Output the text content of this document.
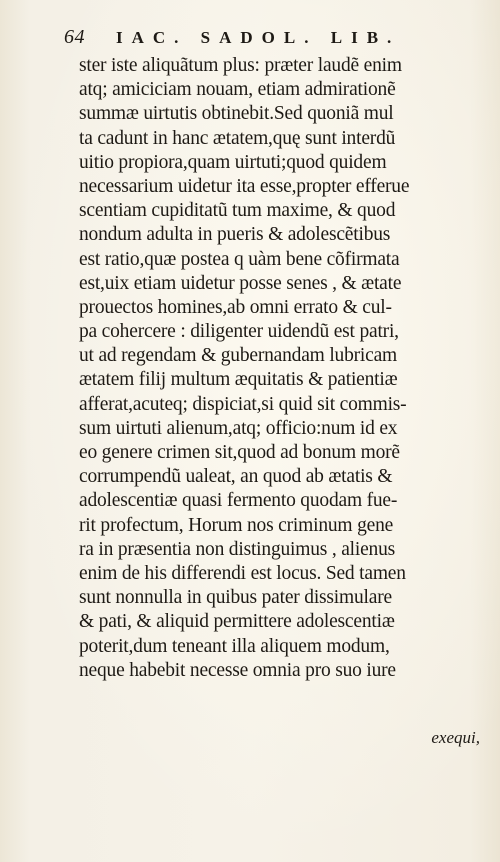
64	IAC. SADOL. LIB.
ster iste aliquãtum plus: præter laudẽ enim
atq; amiciciam nouam, etiam admirationẽ
summæ uirtutis obtinebit.Sed quoniã mul
ta cadunt in hanc ætatem,quę sunt interdũ
uitio propiora,quam uirtuti;quod quidem
necessarium uidetur ita esse,propter efferue
scentiam cupiditatũ tum maxime, & quod
nondum adulta in pueris & adolescẽtibus
est ratio,quæ postea q uàm bene cõfirmata
est,uix etiam uidetur posse senes , & ætate
prouectos homines,ab omni errato & cul-
pa cohercere : diligenter uidendũ est patri,
ut ad regendam & gubernandam lubricam
ætatem filij multum æquitatis & patientiæ
afferat,acuteq; dispiciat,si quid sit commis-
sum uirtuti alienum,atq; officio:num id ex
eo genere crimen sit,quod ad bonum morẽ
corrumpendũ ualeat, an quod ab ætatis &
adolescentiæ quasi fermento quodam fue-
rit profectum, Horum nos criminum gene
ra in præsentia non distinguimus , alienus
enim de his differendi est locus. Sed tamen
sunt nonnulla in quibus pater dissimulare
& pati, & aliquid permittere adolescentiæ
poterit,dum teneant illa aliquem modum,
neque habebit necesse omnia pro suo iure
exequi,
